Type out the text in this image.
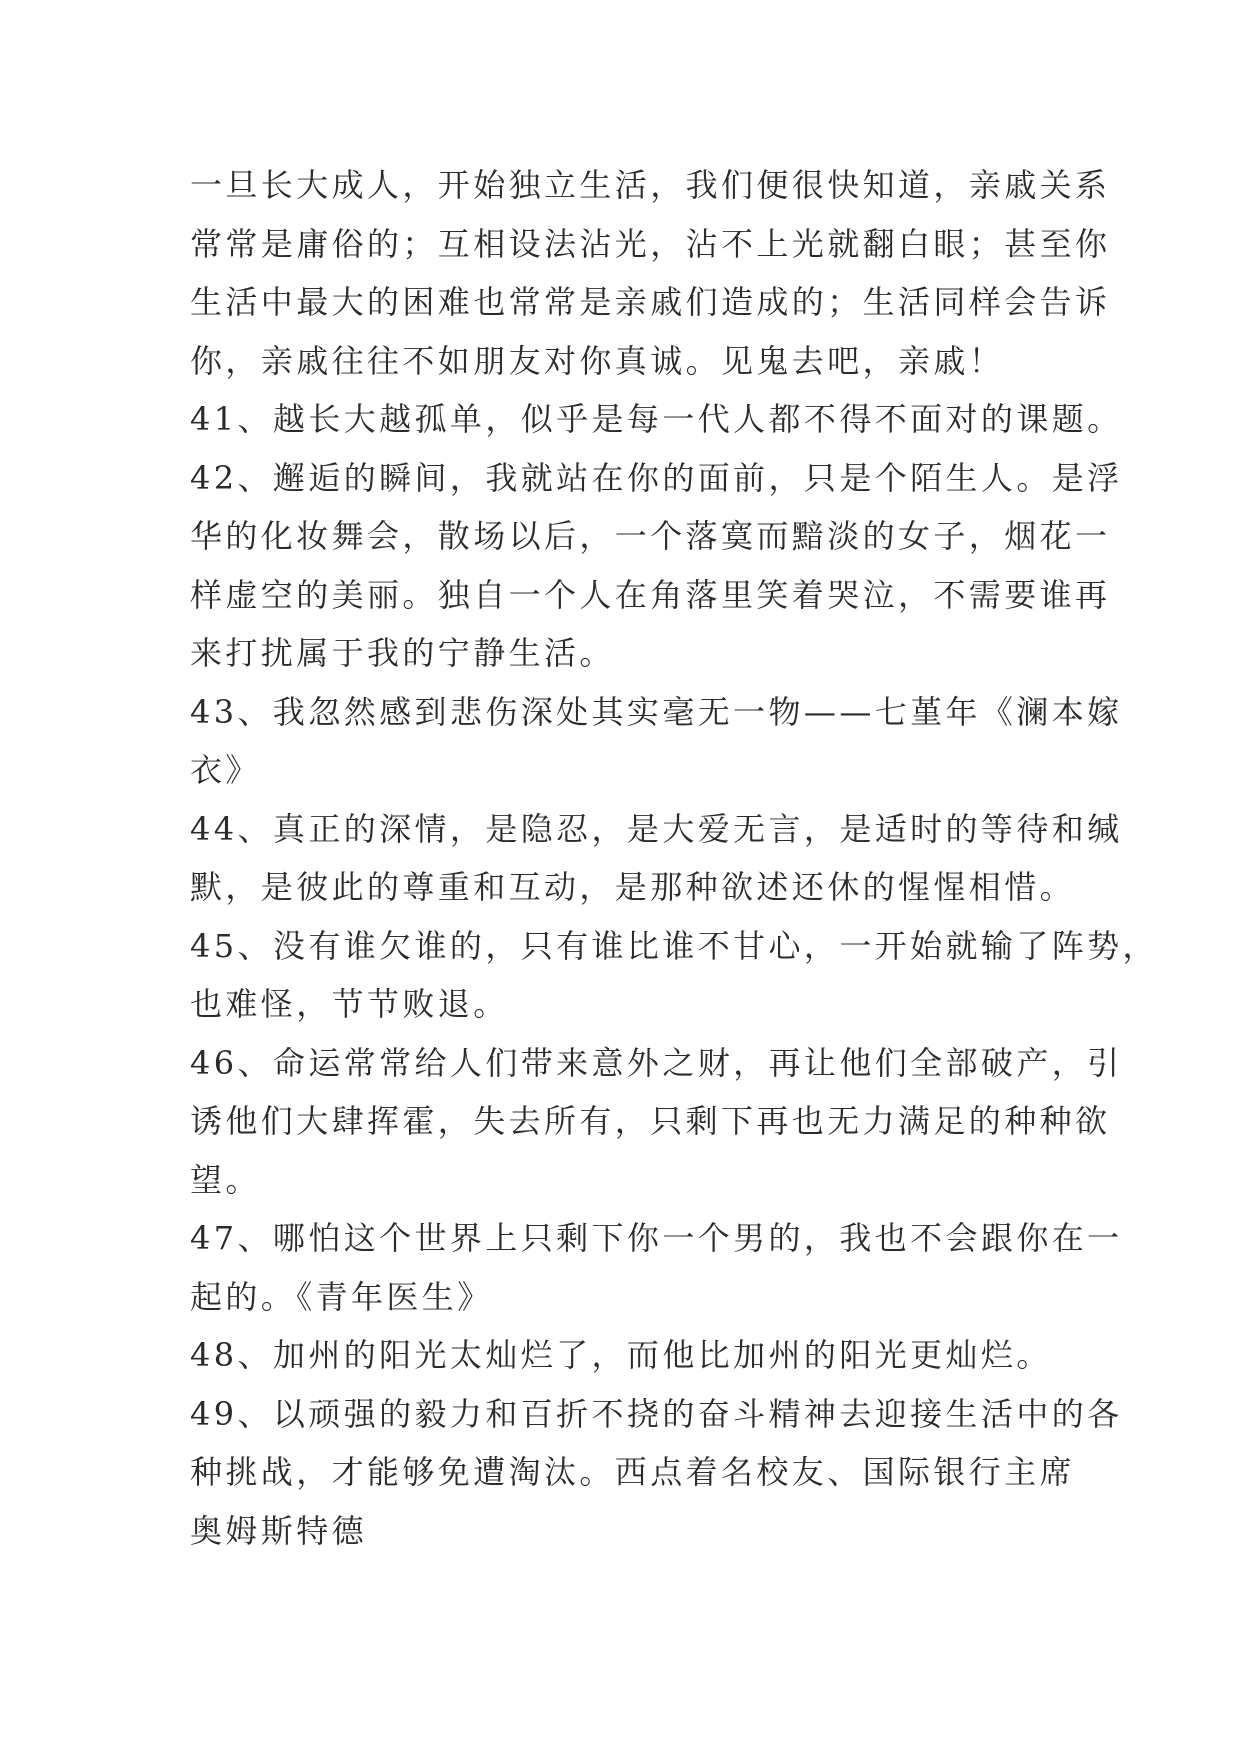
一旦长大成人，开始独立生活，我们便很快知道，亲戚关系
常常是庸俗的；互相设法沾光，沾不上光就翻白眼；甚至你
生活中最大的困难也常常是亲戚们造成的；生活同样会告诉
你，亲戚往往不如朋友对你真诚。见鬼去吧，亲戚！
41、越长大越孤单，似乎是每一代人都不得不面对的课题。
42、邂逅的瞬间，我就站在你的面前，只是个陌生人。是浮
华的化妆舞会，散场以后，一个落寞而黯淡的女子，烟花一
样虚空的美丽。独自一个人在角落里笑着哭泣，不需要谁再
来打扰属于我的宁静生活。
43、我忽然感到悲伤深处其实毫无一物——七堇年《澜本嫁
衣》
44、真正的深情，是隐忍，是大爱无言，是适时的等待和缄
默，是彼此的尊重和互动，是那种欲述还休的惺惺相惜。
45、没有谁欠谁的，只有谁比谁不甘心，一开始就输了阵势，
也难怪，节节败退。
46、命运常常给人们带来意外之财，再让他们全部破产，引
诱他们大肆挥霍，失去所有，只剩下再也无力满足的种种欲
望。
47、哪怕这个世界上只剩下你一个男的，我也不会跟你在一
起的。《青年医生》
48、加州的阳光太灿烂了，而他比加州的阳光更灿烂。
49、以顽强的毅力和百折不挠的奋斗精神去迎接生活中的各
种挑战，才能够免遭淘汰。西点着名校友、国际银行主席
奥姆斯特德
